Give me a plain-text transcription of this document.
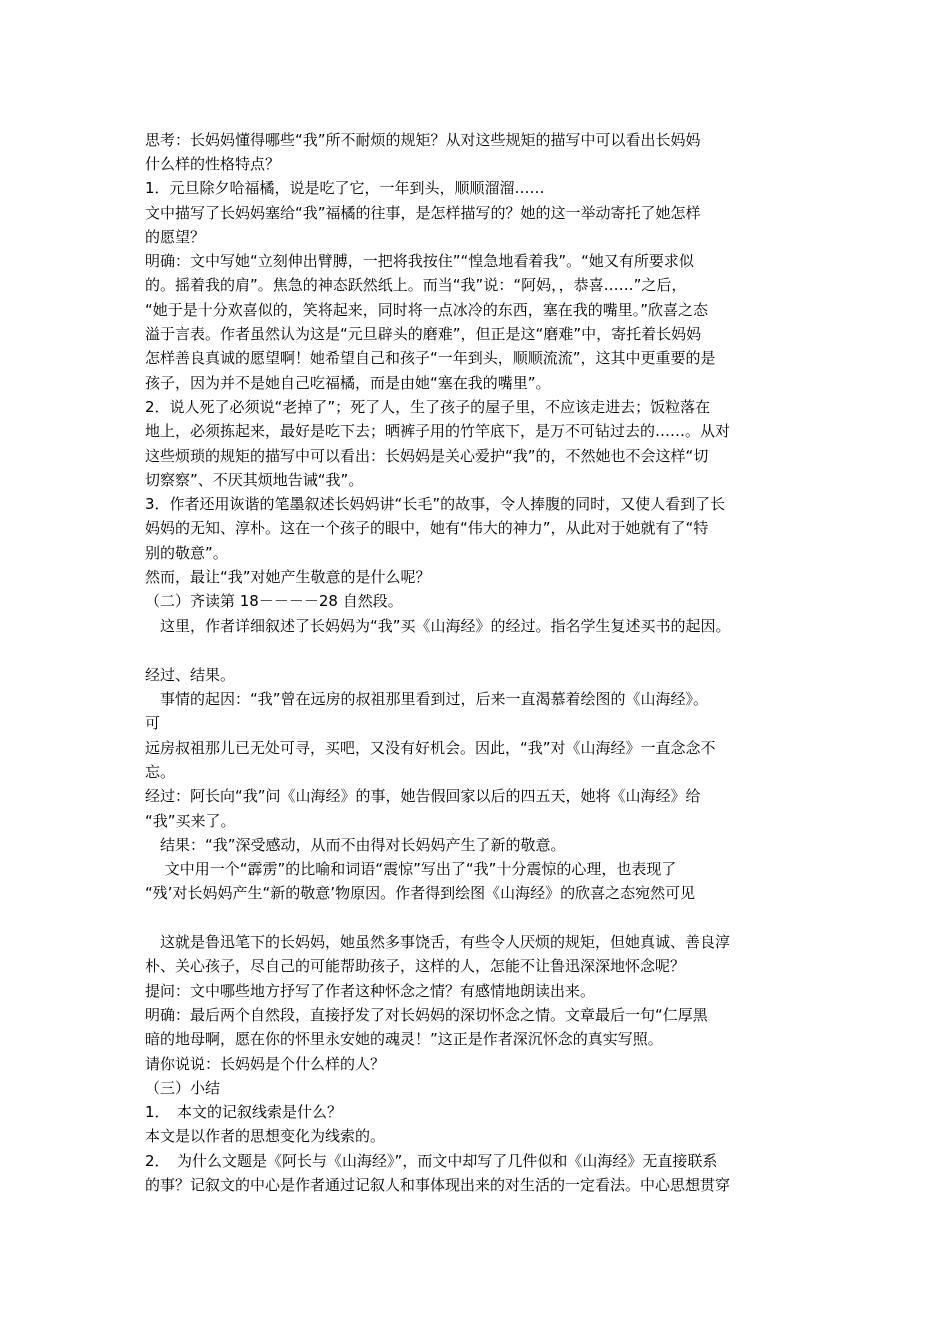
思考：长妈妈懂得哪些“我”所不耐烦的规矩？从对这些规矩的描写中可以看出长妈妈
什么样的性格特点？
1．元旦除夕哈福橘，说是吃了它，一年到头，顺顺溜溜……
文中描写了长妈妈塞给“我”福橘的往事，是怎样描写的？她的这一举动寄托了她怎样
的愿望？
明确：文中写她“立刻伸出臂膊，一把将我按住”“惶急地看着我”。“她又有所要求似
的。摇着我的肩”。焦急的神态跃然纸上。而当“我”说：“阿妈，，恭喜……”之后，
“她于是十分欢喜似的，笑将起来，同时将一点冰冷的东西，塞在我的嘴里。”欣喜之态
溢于言表。作者虽然认为这是“元旦辟头的磨难”，但正是这“磨难”中，寄托着长妈妈
怎样善良真诚的愿望啊！她希望自己和孩子“一年到头，顺顺流流”，这其中更重要的是
孩子，因为并不是她自己吃福橘，而是由她“塞在我的嘴里”。
2．说人死了必须说“老掉了”；死了人，生了孩子的屋子里，不应该走进去；饭粒落在
地上，必须拣起来，最好是吃下去；晒裤子用的竹竿底下，是万不可钻过去的……。从对
这些烦琐的规矩的描写中可以看出：长妈妈是关心爱护“我”的，不然她也不会这样“切
切察察”、不厌其烦地告诫“我”。
3．作者还用诙谐的笔墨叙述长妈妈讲“长毛”的故事，令人捧腹的同时，又使人看到了长
妈妈的无知、淳朴。这在一个孩子的眼中，她有“伟大的神力”，从此对于她就有了“特
别的敬意”。
然而，最让“我”对她产生敬意的是什么呢？
（二）齐读第 18－－－－28 自然段。
　这里，作者详细叙述了长妈妈为“我”买《山海经》的经过。指名学生复述买书的起因。
经过、结果。
　事情的起因：“我”曾在远房的叔祖那里看到过，后来一直渴慕着绘图的《山海经》。
可
远房叔祖那儿已无处可寻，买吧，又没有好机会。因此，“我”对《山海经》一直念念不
忘。
经过：阿长向“我”问《山海经》的事，她告假回家以后的四五天，她将《山海经》给
“我”买来了。
　结果：“我”深受感动，从而不由得对长妈妈产生了新的敬意。
　 文中用一个“霹雳”的比喻和词语“震惊”写出了“我”十分震惊的心理，也表现了
“残’对长妈妈产生“新的敬意’物原因。作者得到绘图《山海经》的欣喜之态宛然可见
　这就是鲁迅笔下的长妈妈，她虽然多事饶舌，有些令人厌烦的规矩，但她真诚、善良淳
朴、关心孩子，尽自己的可能帮助孩子，这样的人，怎能不让鲁迅深深地怀念呢？
提问：文中哪些地方抒写了作者这种怀念之情？有感情地朗读出来。
明确：最后两个自然段，直接抒发了对长妈妈的深切怀念之情。文章最后一句“仁厚黑
暗的地母啊，愿在你的怀里永安她的魂灵！”这正是作者深沉怀念的真实写照。
请你说说：长妈妈是个什么样的人？
（三）小结
1．　本文的记叙线索是什么？
本文是以作者的思想变化为线索的。
2．　为什么文题是《阿长与《山海经》”，而文中却写了几件似和《山海经》无直接联系
的事？记叙文的中心是作者通过记叙人和事体现出来的对生活的一定看法。中心思想贯穿
